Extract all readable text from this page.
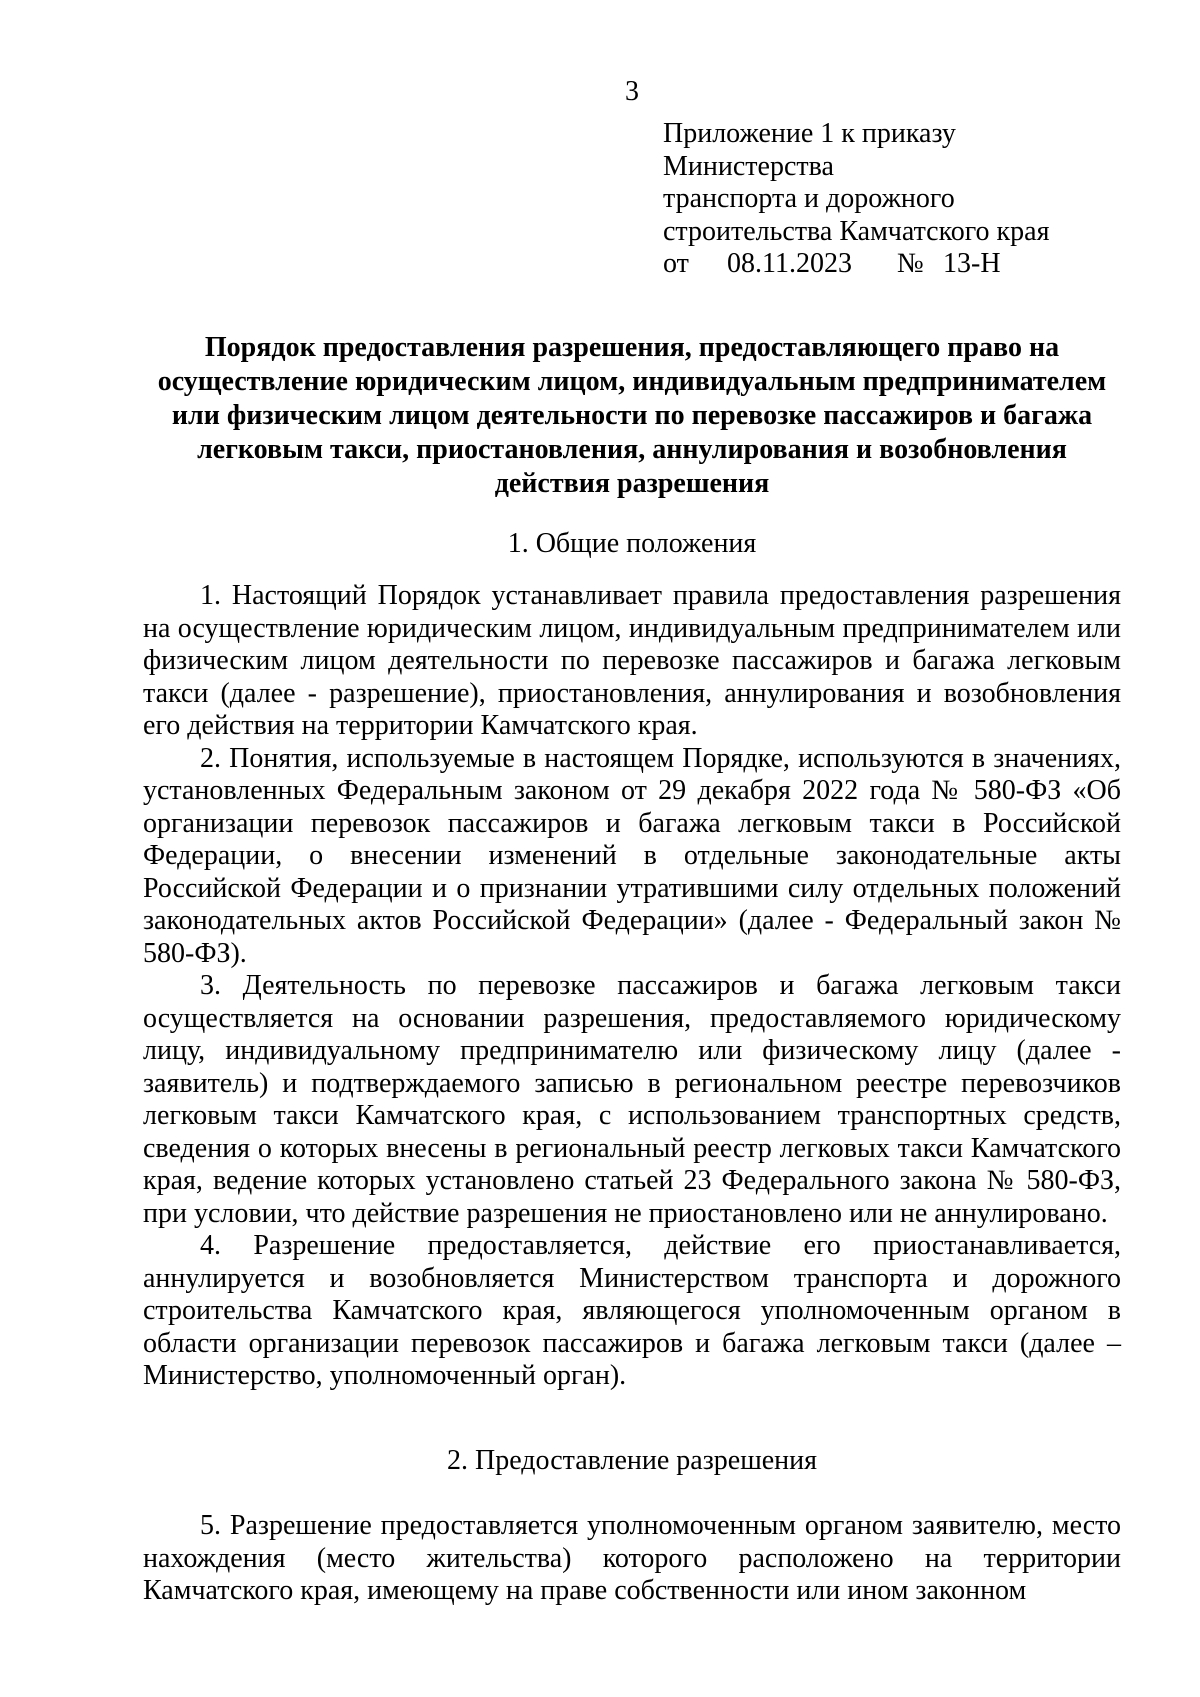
3
Приложение 1 к приказу
Министерства
транспорта и дорожного
строительства Камчатского края
от 08.11.2023 № 13-Н
Порядок предоставления разрешения, предоставляющего право на осуществление юридическим лицом, индивидуальным предпринимателем или физическим лицом деятельности по перевозке пассажиров и багажа легковым такси, приостановления, аннулирования и возобновления действия разрешения
1. Общие положения

1. Настоящий Порядок устанавливает правила предоставления разрешения на осуществление юридическим лицом, индивидуальным предпринимателем или физическим лицом деятельности по перевозке пассажиров и багажа легковым такси (далее - разрешение), приостановления, аннулирования и возобновления его действия на территории Камчатского края.

2. Понятия, используемые в настоящем Порядке, используются в значениях, установленных Федеральным законом от 29 декабря 2022 года № 580-ФЗ «Об организации перевозок пассажиров и багажа легковым такси в Российской Федерации, о внесении изменений в отдельные законодательные акты Российской Федерации и о признании утратившими силу отдельных положений законодательных актов Российской Федерации» (далее - Федеральный закон № 580-ФЗ).

3. Деятельность по перевозке пассажиров и багажа легковым такси осуществляется на основании разрешения, предоставляемого юридическому лицу, индивидуальному предпринимателю или физическому лицу (далее - заявитель) и подтверждаемого записью в региональном реестре перевозчиков легковым такси Камчатского края, с использованием транспортных средств, сведения о которых внесены в региональный реестр легковых такси Камчатского края, ведение которых установлено статьей 23 Федерального закона № 580-ФЗ, при условии, что действие разрешения не приостановлено или не аннулировано.

4. Разрешение предоставляется, действие его приостанавливается, аннулируется и возобновляется Министерством транспорта и дорожного строительства Камчатского края, являющегося уполномоченным органом в области организации перевозок пассажиров и багажа легковым такси (далее – Министерство, уполномоченный орган).

2. Предоставление разрешения

5. Разрешение предоставляется уполномоченным органом заявителю, место нахождения (место жительства) которого расположено на территории Камчатского края, имеющему на праве собственности или ином законном
